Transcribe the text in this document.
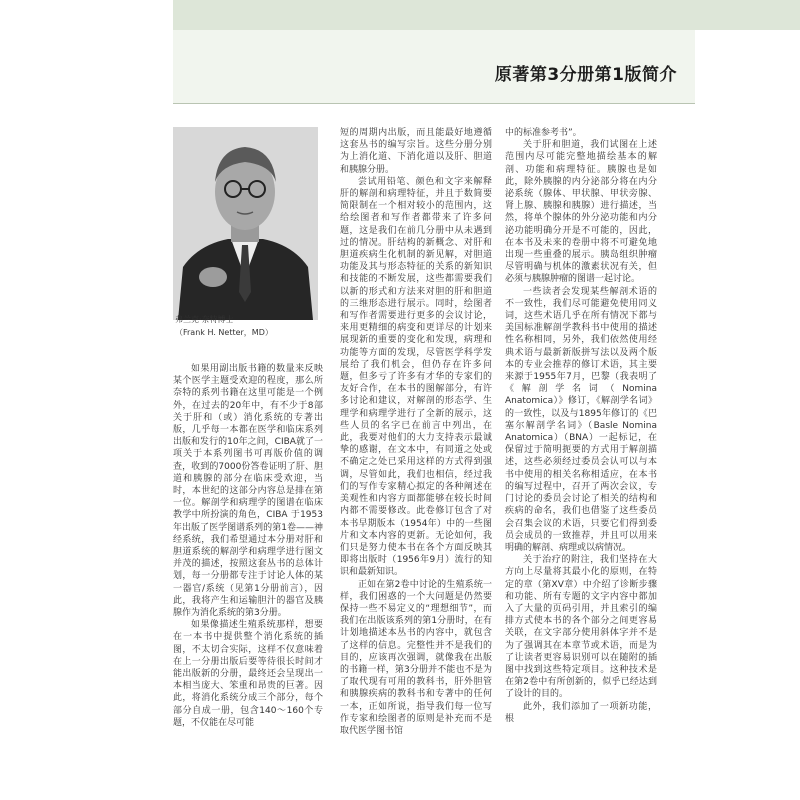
原著第3分册第1版简介
弗兰克·奈特博士
（Frank H. Netter，MD）

如果用副出版书籍的数量来反映某个医学主题受欢迎的程度，那么所奈特的系列书籍在这里可能是一个例外，在过去的20年中，有不少于8部关于肝和（或）消化系统的专著出版，几乎每一本都在医学和临床系列出版和发行的10年之间，CIBA就了一项关于本系列图书可再版价值的调查，收到的7000份答卷证明了肝、胆道和胰腺的部分在临床受欢迎，当时，本世纪的这部分内容总是排在第一位。解剖学和病理学的图谱在临床教学中所扮演的角色，CIBA 于1953年出版了医学图谱系列的第1卷——神经系统，我们希望通过本分册对肝和胆道系统的解剖学和病理学进行图文并茂的描述，按照这套丛书的总体计划，每一分册都专注于讨论人体的某一器官/系统（见第1分册前言），因此，我将产生和运输胆汁的器官及胰腺作为消化系统的第3分册。

如果像描述生殖系统那样，想要在一本书中提供整个消化系统的插图，不太切合实际，这样不仅意味着在上一分册出版后要等待很长时间才能出版新的分册，最终还会呈现出一本相当庞大、笨重和昂贵的巨著。因此，将消化系统分成三个部分，每个部分自成一册，包含140～160个专题，不仅能在尽可能

短的周期内出版，而且能最好地遵循这套丛书的编写宗旨。这些分册分别为上消化道、下消化道以及肝、胆道和胰腺分册。

尝试用铅笔、颜色和文字来解释肝的解剖和病理特征，并且于数简要简限制在一个相对较小的范围内，这给绘图者和写作者都带来了许多问题，这是我们在前几分册中从未遇到过的情况。肝结构的新概念、对肝和胆道疾病生化机制的新见解，对胆道功能及其与形态特征的关系的新知识和技能的不断发展，这些都需要我们以新的形式和方法来对胆的肝和胆道的三维形态进行展示。同时，绘图者和写作者需要进行更多的会议讨论，来用更精细的病变和更详尽的计划来展现新的重要的变化和发现，病理和功能等方面的发现，尽管医学科学发展给了我们机会，但仍存在许多问题，但多亏了许多有才华的专家们的友好合作，在本书的图解部分，有许多讨论和建议，对解剖的形态学、生理学和病理学进行了全新的展示，这些人员的名字已在前言中列出，在此，我要对他们的大力支持表示最诚挚的感谢，在文本中，有同道之处或不确定之处已采用这样的方式得到强调，尽管如此，我们也相信，经过我们的写作专家精心拟定的各种阐述在美观性和内容方面都能够在较长时间内都不需要修改。此卷修订包含了对本书早期版本（1954年）中的一些图片和文本内容的更新。无论如何，我们只是努力使本书在各个方面反映其即将出版时（1956年9月）流行的知识和最新知识。

正如在第2卷中讨论的生殖系统一样，我们困惑的一个大问题是仍然要保持一些不易定义的“理想细节”，而我们在出版该系列的第1分册时，在有计划地描述本丛书的内容中，就包含了这样的信息。完整性并不是我们的目的，应该再次强调，就像我在出版的书籍一样，第3分册并不能也不是为了取代现有可用的教科书，肝外胆管和胰腺疾病的教科书和专著中的任何一本，正如所说，指导我们每一位写作专家和绘图者的原则是补充而不是取代医学图书馆

中的标准参考书”。

关于肝和胆道，我们试图在上述范围内尽可能完整地描绘基本的解剖、功能和病理特征。胰腺也是如此，除外胰腺的内分泌部分将在内分泌系统（腺体、甲状腺、甲状旁腺、肾上腺、胰腺和胰腺）进行描述，当然，将单个腺体的外分泌功能和内分泌功能明确分开是不可能的，因此，在本书及未来的卷册中将不可避免地出现一些重叠的展示。胰岛组织肿瘤尽管明确与机体的激素状况有关，但必须与胰腺肿瘤的图谱一起讨论。

一些读者会发现某些解剖术语的不一致性，我们尽可能避免使用同义词，这些术语几乎在所有情况下都与美国标准解剖学教科书中使用的描述性名称相同，另外，我们依然使用经典术语与最新新版拼写法以及两个版本的专业会推荐的修订术语，其主要来源于1955年7月，巴黎（我表明了《解剖学名词（Nomina Anatomica）》修订，《解剖学名词》的一致性，以及与1895年修订的《巴塞尔解剖学名词》（Basle Nomina Anatomica）（BNA）一起标记，在保留过于简明扼要的方式用于解剖描述，这些必须经过委员会认可以与本书中使用的相关名称相适应，在本书的编写过程中，召开了两次会议，专门讨论的委员会讨论了相关的结构和疾病的命名，我们也借鉴了这些委员会召集会议的术语，只要它们得到委员会成员的一致推荐，并且可以用来明确的解剖、病理或以病情况。

关于治疗的附注，我们坚持在大方向上尽量将其最小化的原则，在特定的章（第XV章）中介绍了诊断步骤和功能、所有专题的文字内容中都加入了大量的页码引用，并且索引的编排方式使本书的各个部分之间更容易关联，在文字部分使用斜体字并不是为了强调其在本章节或术语，而是为了让读者更容易识别可以在随附的插图中找到这些特定项目。这种技术是在第2卷中有所创新的，似乎已经达到了设计的目的。

此外，我们添加了一项新功能，根
